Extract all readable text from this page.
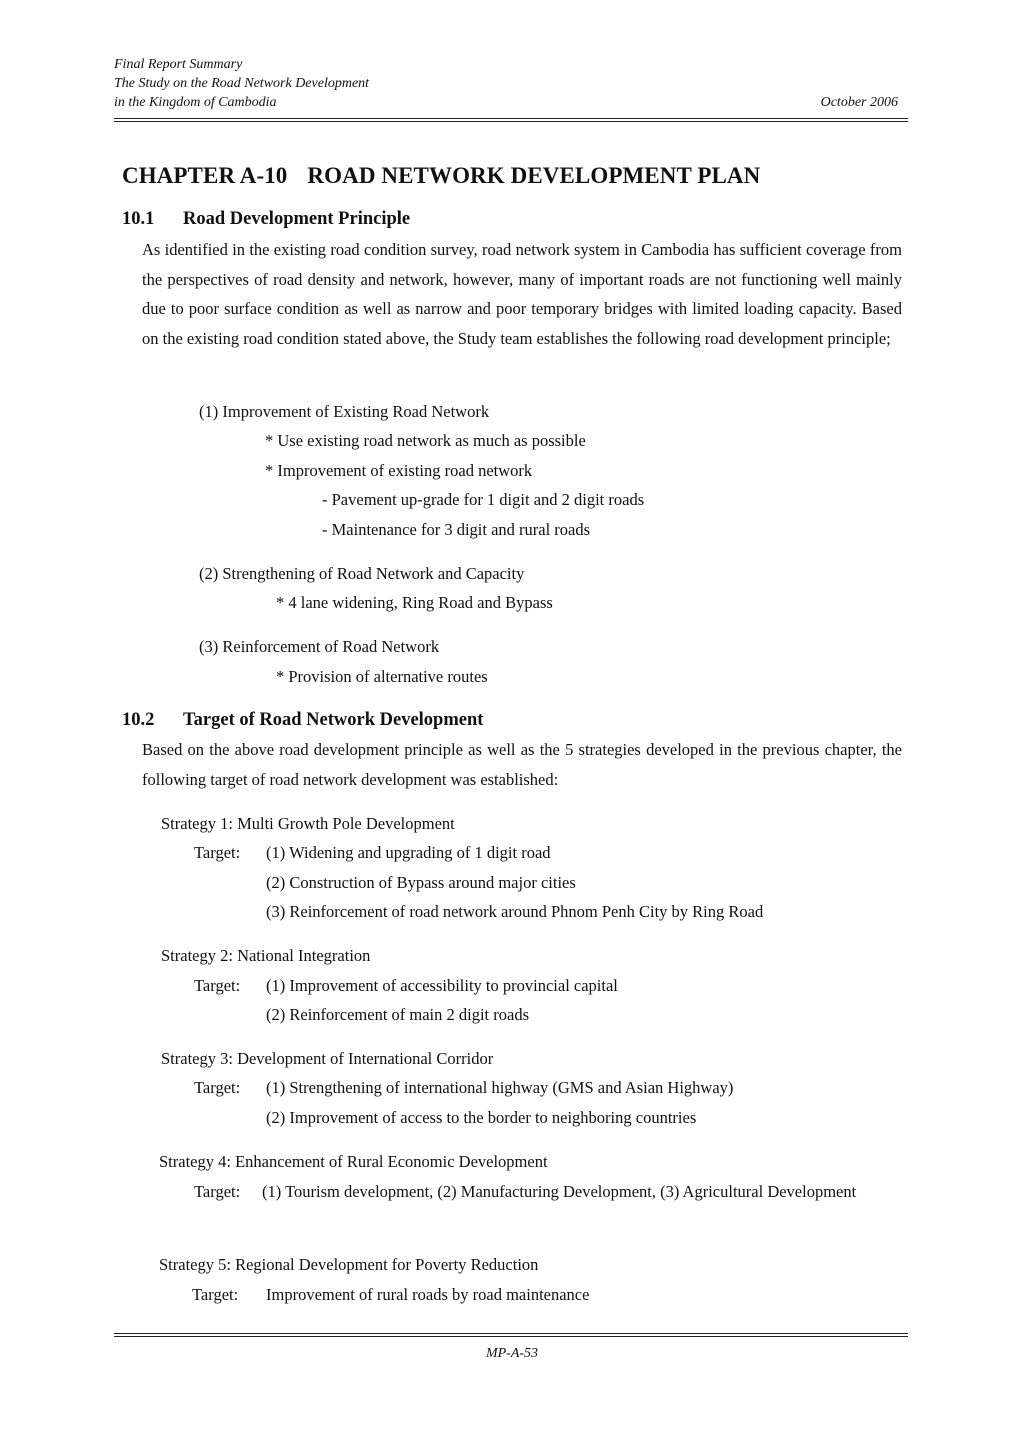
Final Report Summary
The Study on the Road Network Development
in the Kingdom of Cambodia	October 2006
CHAPTER A-10 ROAD NETWORK DEVELOPMENT PLAN
10.1 Road Development Principle
As identified in the existing road condition survey, road network system in Cambodia has sufficient coverage from the perspectives of road density and network, however, many of important roads are not functioning well mainly due to poor surface condition as well as narrow and poor temporary bridges with limited loading capacity. Based on the existing road condition stated above, the Study team establishes the following road development principle;
(1) Improvement of Existing Road Network
* Use existing road network as much as possible
* Improvement of existing road network
- Pavement up-grade for 1 digit and 2 digit roads
- Maintenance for 3 digit and rural roads
(2) Strengthening of Road Network and Capacity
* 4 lane widening, Ring Road and Bypass
(3) Reinforcement of Road Network
* Provision of alternative routes
10.2 Target of Road Network Development
Based on the above road development principle as well as the 5 strategies developed in the previous chapter, the following target of road network development was established:
Strategy 1: Multi Growth Pole Development
Target: (1) Widening and upgrading of 1 digit road
(2) Construction of Bypass around major cities
(3) Reinforcement of road network around Phnom Penh City by Ring Road
Strategy 2: National Integration
Target: (1) Improvement of accessibility to provincial capital
(2) Reinforcement of main 2 digit roads
Strategy 3: Development of International Corridor
Target: (1) Strengthening of international highway (GMS and Asian Highway)
(2) Improvement of access to the border to neighboring countries
Strategy 4: Enhancement of Rural Economic Development
Target: (1) Tourism development, (2) Manufacturing Development, (3) Agricultural Development
Strategy 5: Regional Development for Poverty Reduction
Target: Improvement of rural roads by road maintenance
MP-A-53
